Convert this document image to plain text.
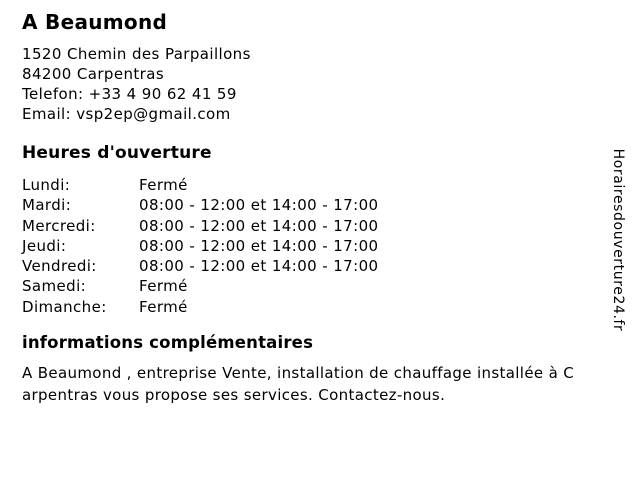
A Beaumond
1520 Chemin des Parpaillons
84200 Carpentras
Telefon: +33 4 90 62 41 59
Email: vsp2ep@gmail.com
Heures d'ouverture
Lundi:	Fermé
Mardi:	08:00 - 12:00 et 14:00 - 17:00
Mercredi:	08:00 - 12:00 et 14:00 - 17:00
Jeudi:	08:00 - 12:00 et 14:00 - 17:00
Vendredi:	08:00 - 12:00 et 14:00 - 17:00
Samedi:	Fermé
Dimanche:	Fermé
informations complémentaires
A Beaumond , entreprise Vente, installation de chauffage installée à C
arpentras vous propose ses services. Contactez-nous.
Horairesdouverture24.fr
